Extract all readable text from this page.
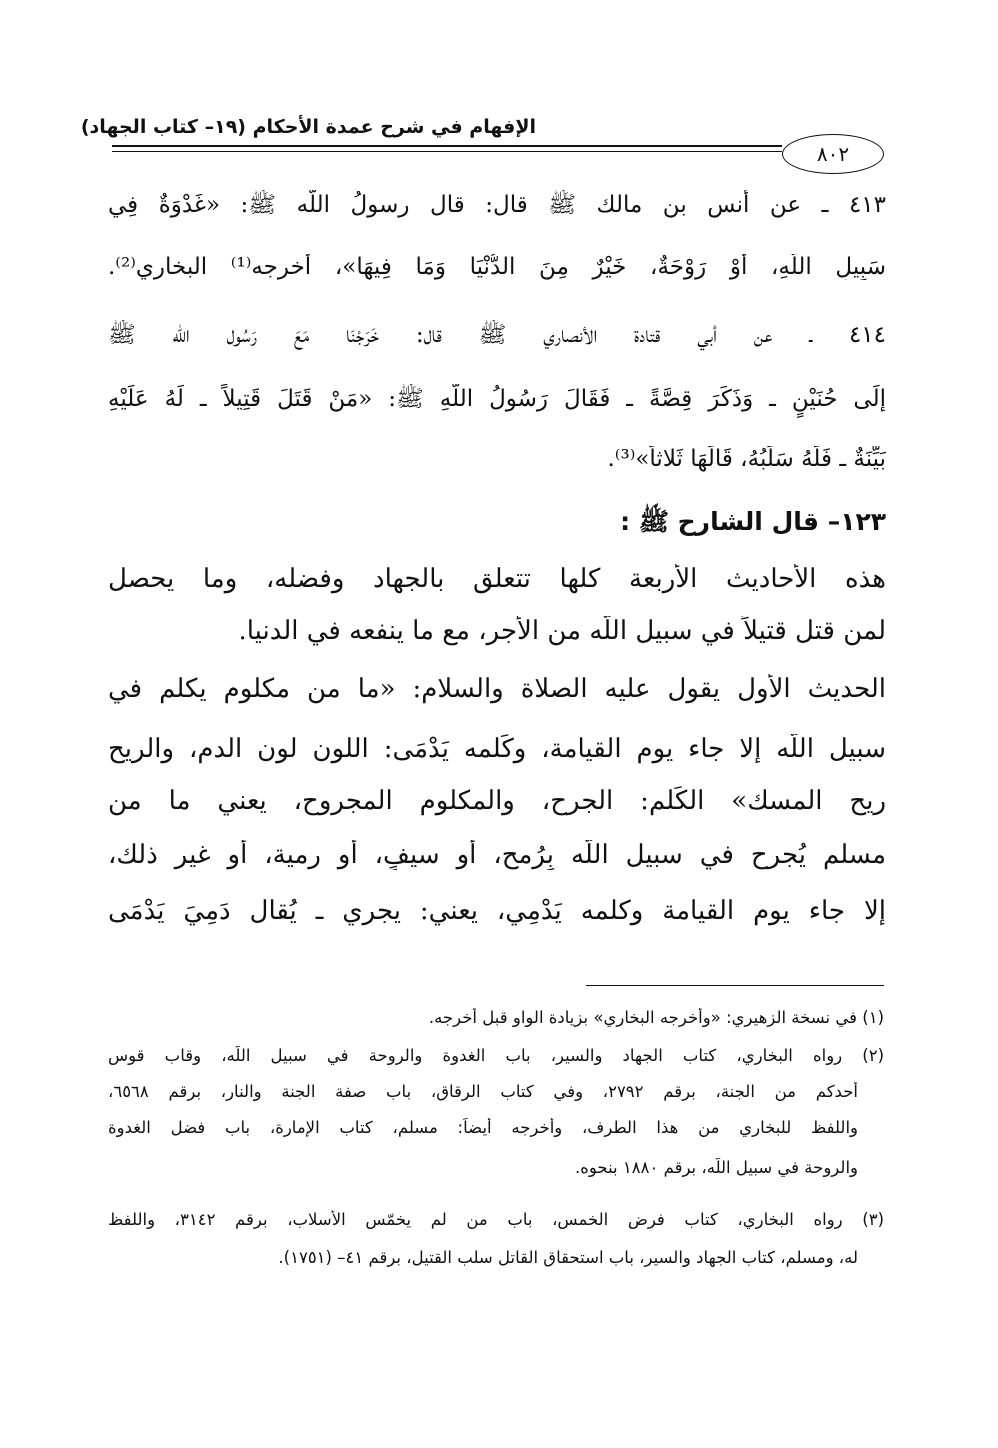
الإفهام في شرح عمدة الأحكام (١٩– كتاب الجهاد)
٨٠٢
٤١٣ ـ عن أنس بن مالك ﷺ قال: قال رسولُ اللّه ﷺ: «غَدْوَةٌ فِي
سَبِيلِ اللّهِ، أَوْ رَوْحَةٌ، خَيْرٌ مِنَ الدُّنْيَا وَمَا فِيهَا»، أخرجه⁽¹⁾ البخاري⁽²⁾.
٤١٤ ـ عن أبي قتادة الأنصاري ﷺ قال: خَرَجْنَا مَعَ رَسُول اللّه ﷺ
إلَى حُنَيْنٍ ـ وَذَكَرَ قِصَّةً ـ فَقَالَ رَسُولُ اللّهِ ﷺ: «مَنْ قَتَلَ قَتِيلاً ـ لَهُ عَلَيْهِ
بَيِّنَةٌ ـ فَلَهُ سَلَبُهُ، قَالَهَا ثَلاثاً»⁽³⁾.
١٢٣– قال الشارح ﷺ :
هذه الأحاديث الأربعة كلها تتعلق بالجهاد وفضله، وما يحصل
لمن قتل قتيلاً في سبيل اللّه من الأجر، مع ما ينفعه في الدنيا.
الحديث الأول يقول عليه الصلاة والسلام: «ما من مكلوم يكلم في
سبيل اللّه إلا جاء يوم القيامة، وكَلمه يَدْمَى: اللون لون الدم، والريح
ريح المسك» الكَلم: الجرح، والمكلوم المجروح، يعني ما من
مسلم يُجرح في سبيل اللّه بِرُمحٍ، أو سيفٍ، أو رمية، أو غير ذلك،
إلا جاء يوم القيامة وكلمه يَدْمِي، يعني: يجري ـ يُقال دَمِيَ يَدْمَى
(١) في نسخة الزهيري: «وأخرجه البخاري» بزيادة الواو قبل أخرجه.
(٢) رواه البخاري، كتاب الجهاد والسير، باب الغدوة والروحة في سبيل اللّه، وقاب قوس
أحدكم من الجنة، برقم ٢٧٩٢، وفي كتاب الرقاق، باب صفة الجنة والنار، برقم ٦٥٦٨،
واللفظ للبخاري من هذا الطرف، وأخرجه أيضاً: مسلم، كتاب الإمارة، باب فضل الغدوة
والروحة في سبيل اللّه، برقم ١٨٨٠ بنحوه.
(٣) رواه البخاري، كتاب فرض الخمس، باب من لم يخمّس الأسلاب، برقم ٣١٤٢، واللفظ
له، ومسلم، كتاب الجهاد والسير، باب استحقاق القاتل سلب القتيل، برقم ٤١– (١٧٥١).
